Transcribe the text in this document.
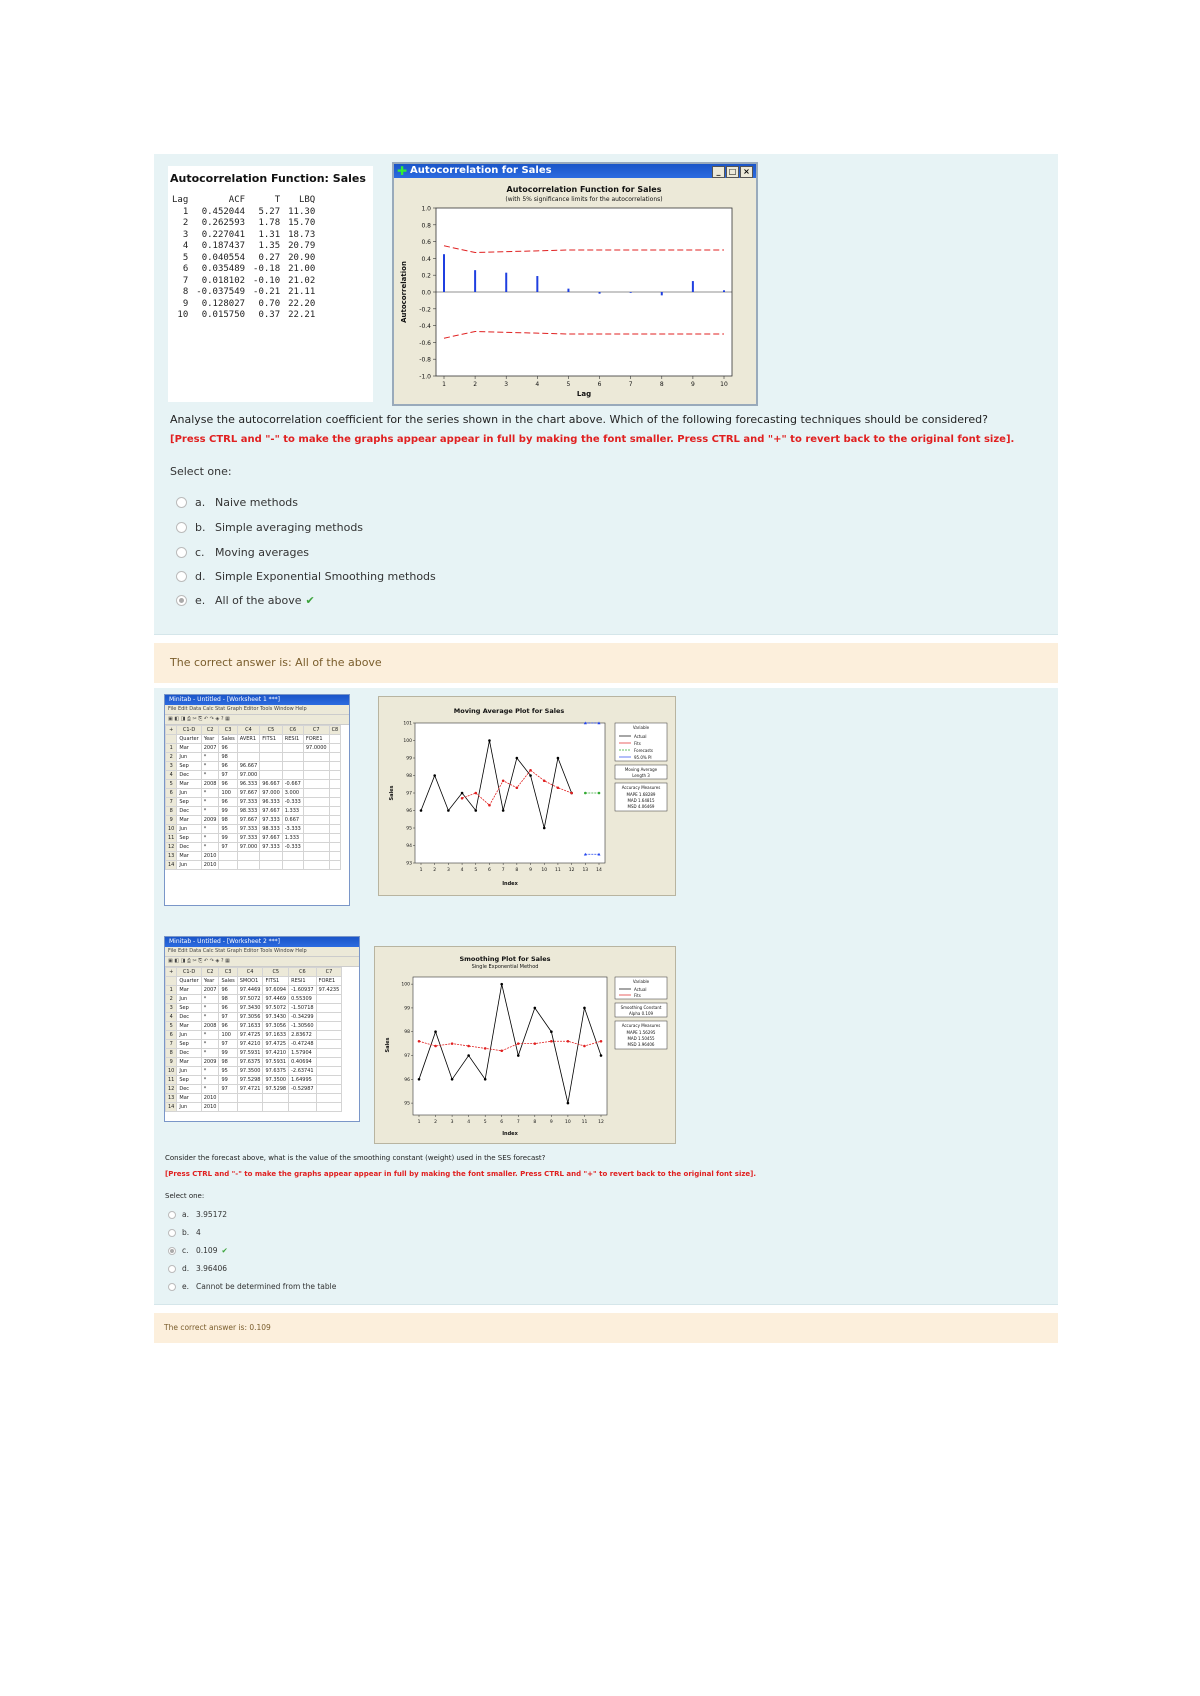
Autocorrelation Function: Sales
Lag	ACF	T	LBQ
1	0.452044	5.27	11.30
2	0.262593	1.78	15.70
3	0.227041	1.31	18.73
4	0.187437	1.35	20.79
5	0.040554	0.27	20.90
6	0.035489	-0.18	21.00
7	0.018102	-0.10	21.02
8	-0.037549	-0.21	21.11
9	0.128027	0.70	22.20
10	0.015750	0.37	22.21
✚ Autocorrelation for Sales	_ □ ×
Autocorrelation Function for Sales
(with 5% significance limits for the autocorrelations)
1.0
0.8
0.6
0.4
0.2
0.0
-0.2
-0.4
-0.6
-0.8
-1.0
1	2	3	4	5	6	7	8	9	10
Autocorrelation
Lag
Analyse the autocorrelation coefficient for the series shown in the chart above. Which of the following forecasting techniques should be considered?
[Press CTRL and "-" to make the graphs appear appear in full by making the font smaller. Press CTRL and "+" to revert back to the original font size].
Select one:
a. Naive methods
b. Simple averaging methods
c. Moving averages
d. Simple Exponential Smoothing methods
e. All of the above ✔
The correct answer is: All of the above
Minitab - Untitled - [Worksheet 1 ***]
File Edit Data Calc Stat Graph Editor Tools Window Help
▣ ◧ ◨ ⎙ ✂ ⎘ ↶ ↷ ◈ ? ▦
+	C1-D	C2	C3	C4	C5	C6	C7	C8
	Quarter	Year	Sales	AVER1	FITS1	RESI1	FORE1	
1	Mar	2007	96				97.0000	
2	Jun	*	98					
3	Sep	*	96	96.667				
4	Dec	*	97	97.000				
5	Mar	2008	96	96.333	96.667	-0.667		
6	Jun	*	100	97.667	97.000	3.000		
7	Sep	*	96	97.333	96.333	-0.333		
8	Dec	*	99	98.333	97.667	1.333		
9	Mar	2009	98	97.667	97.333	0.667		
10	Jun	*	95	97.333	98.333	-3.333		
11	Sep	*	99	97.333	97.667	1.333		
12	Dec	*	97	97.000	97.333	-0.333		
13	Mar	2010						
14	Jun	2010						
Moving Average Plot for Sales
101
100
99
98
97
96
95
94
93
1 2 3 4 5 6 7 8 9 10 11 12 13 14
Sales
Index
Variable
Actual
Fits
Forecasts
95.0% PI
Moving Average
Length 3
Accuracy Measures
MAPE 1.68289
MAD 1.64815
MSD 4.06469
Minitab - Untitled - [Worksheet 2 ***]
File Edit Data Calc Stat Graph Editor Tools Window Help
▣ ◧ ◨ ⎙ ✂ ⎘ ↶ ↷ ◈ ? ▦
+	C1-D	C2	C3	C4	C5	C6	C7
	Quarter	Year	Sales	SMOO1	FITS1	RESI1	FORE1
1	Mar	2007	96	97.4469	97.6094	-1.60937	97.4235
2	Jun	*	98	97.5072	97.4469	0.55309	
3	Sep	*	96	97.3430	97.5072	-1.50718	
4	Dec	*	97	97.3056	97.3430	-0.34299	
5	Mar	2008	96	97.1633	97.3056	-1.30560	
6	Jun	*	100	97.4725	97.1633	2.83672	
7	Sep	*	97	97.4210	97.4725	-0.47248	
8	Dec	*	99	97.5931	97.4210	1.57904	
9	Mar	2009	98	97.6375	97.5931	0.40694	
10	Jun	*	95	97.3500	97.6375	-2.63741	
11	Sep	*	99	97.5298	97.3500	1.64995	
12	Dec	*	97	97.4721	97.5298	-0.52987	
13	Mar	2010					
14	Jun	2010					
Smoothing Plot for Sales
Single Exponential Method
100
99
98
97
96
95
1	2	3	4	5	6	7	8	9	10 11 12
Sales
Index
Variable
Actual
Fits
Smoothing Constant
Alpha 0.109
Accuracy Measures
MAPE 1.56295
MAD 1.50455
MSD 3.96406
Consider the forecast above, what is the value of the smoothing constant (weight) used in the SES forecast?
[Press CTRL and "-" to make the graphs appear appear in full by making the font smaller. Press CTRL and "+" to revert back to the original font size].
Select one:
a. 3.95172
b. 4
c. 0.109 ✔
d. 3.96406
e. Cannot be determined from the table
The correct answer is: 0.109
